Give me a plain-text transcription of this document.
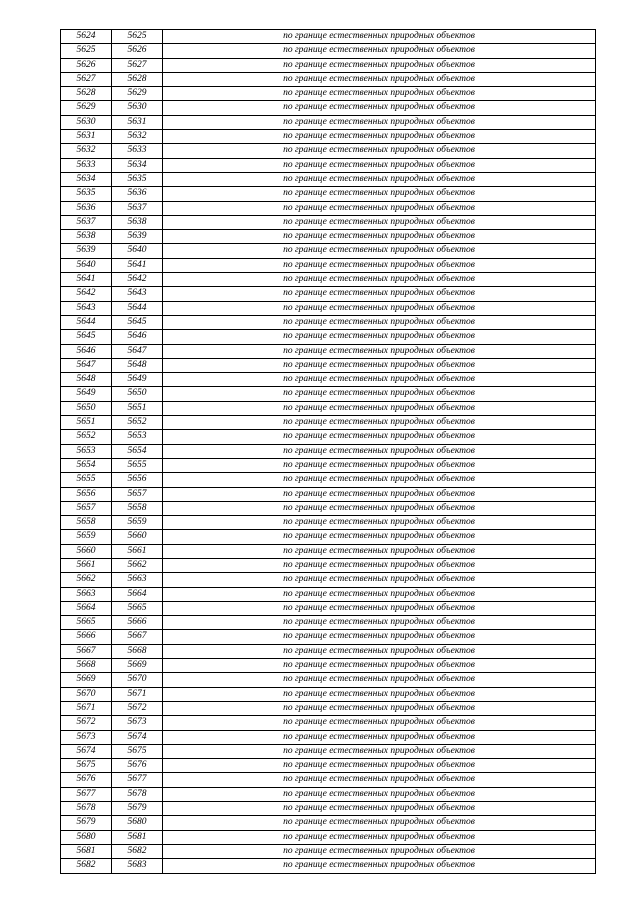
5624	5625	по границе естественных природных объектов
5625	5626	по границе естественных природных объектов
5626	5627	по границе естественных природных объектов
5627	5628	по границе естественных природных объектов
5628	5629	по границе естественных природных объектов
5629	5630	по границе естественных природных объектов
5630	5631	по границе естественных природных объектов
5631	5632	по границе естественных природных объектов
5632	5633	по границе естественных природных объектов
5633	5634	по границе естественных природных объектов
5634	5635	по границе естественных природных объектов
5635	5636	по границе естественных природных объектов
5636	5637	по границе естественных природных объектов
5637	5638	по границе естественных природных объектов
5638	5639	по границе естественных природных объектов
5639	5640	по границе естественных природных объектов
5640	5641	по границе естественных природных объектов
5641	5642	по границе естественных природных объектов
5642	5643	по границе естественных природных объектов
5643	5644	по границе естественных природных объектов
5644	5645	по границе естественных природных объектов
5645	5646	по границе естественных природных объектов
5646	5647	по границе естественных природных объектов
5647	5648	по границе естественных природных объектов
5648	5649	по границе естественных природных объектов
5649	5650	по границе естественных природных объектов
5650	5651	по границе естественных природных объектов
5651	5652	по границе естественных природных объектов
5652	5653	по границе естественных природных объектов
5653	5654	по границе естественных природных объектов
5654	5655	по границе естественных природных объектов
5655	5656	по границе естественных природных объектов
5656	5657	по границе естественных природных объектов
5657	5658	по границе естественных природных объектов
5658	5659	по границе естественных природных объектов
5659	5660	по границе естественных природных объектов
5660	5661	по границе естественных природных объектов
5661	5662	по границе естественных природных объектов
5662	5663	по границе естественных природных объектов
5663	5664	по границе естественных природных объектов
5664	5665	по границе естественных природных объектов
5665	5666	по границе естественных природных объектов
5666	5667	по границе естественных природных объектов
5667	5668	по границе естественных природных объектов
5668	5669	по границе естественных природных объектов
5669	5670	по границе естественных природных объектов
5670	5671	по границе естественных природных объектов
5671	5672	по границе естественных природных объектов
5672	5673	по границе естественных природных объектов
5673	5674	по границе естественных природных объектов
5674	5675	по границе естественных природных объектов
5675	5676	по границе естественных природных объектов
5676	5677	по границе естественных природных объектов
5677	5678	по границе естественных природных объектов
5678	5679	по границе естественных природных объектов
5679	5680	по границе естественных природных объектов
5680	5681	по границе естественных природных объектов
5681	5682	по границе естественных природных объектов
5682	5683	по границе естественных природных объектов
